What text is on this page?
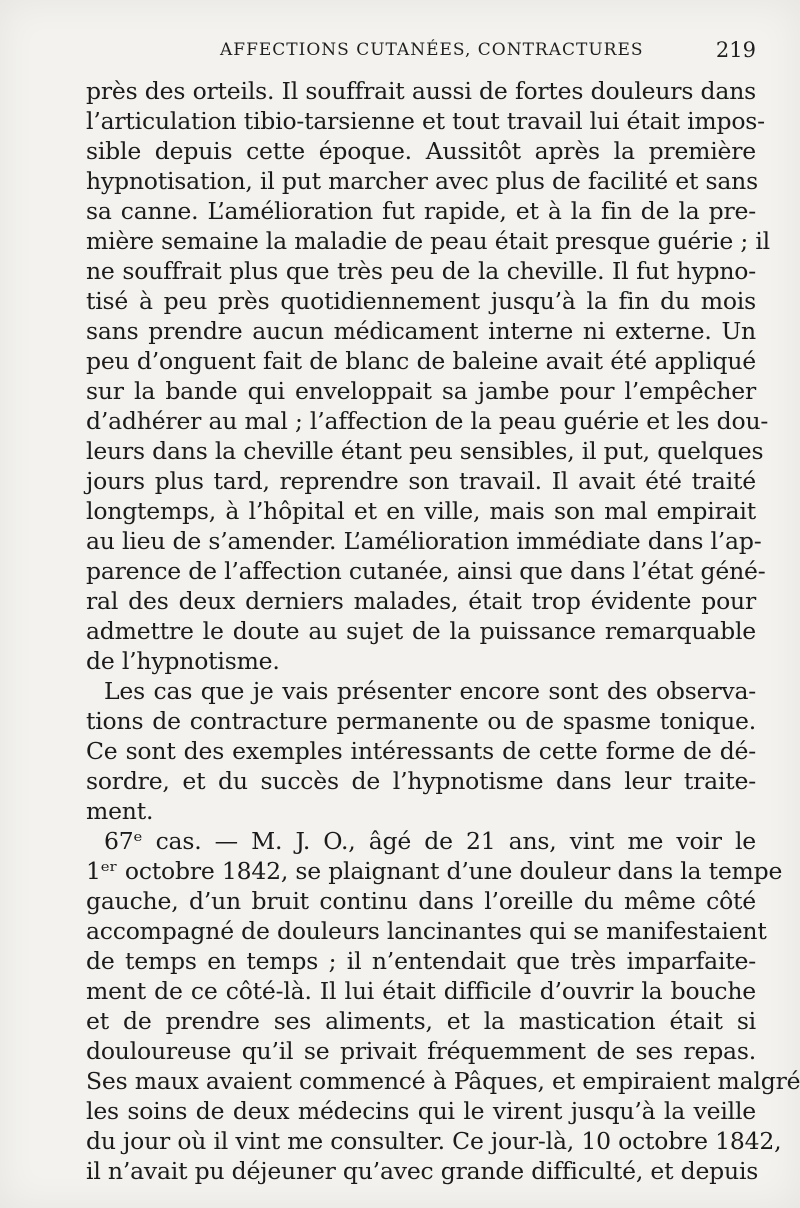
AFFECTIONS CUTANÉES, CONTRACTURES	219
près des orteils. Il souffrait aussi de fortes douleurs dans
l’articulation tibio-tarsienne et tout travail lui était impos-
sible depuis cette époque. Aussitôt après la première
hypnotisation, il put marcher avec plus de facilité et sans
sa canne. L’amélioration fut rapide, et à la fin de la pre-
mière semaine la maladie de peau était presque guérie ; il
ne souffrait plus que très peu de la cheville. Il fut hypno-
tisé à peu près quotidiennement jusqu’à la fin du mois
sans prendre aucun médicament interne ni externe. Un
peu d’onguent fait de blanc de baleine avait été appliqué
sur la bande qui enveloppait sa jambe pour l’empêcher
d’adhérer au mal ; l’affection de la peau guérie et les dou-
leurs dans la cheville étant peu sensibles, il put, quelques
jours plus tard, reprendre son travail. Il avait été traité
longtemps, à l’hôpital et en ville, mais son mal empirait
au lieu de s’amender. L’amélioration immédiate dans l’ap-
parence de l’affection cutanée, ainsi que dans l’état géné-
ral des deux derniers malades, était trop évidente pour
admettre le doute au sujet de la puissance remarquable
de l’hypnotisme.
Les cas que je vais présenter encore sont des observa-
tions de contracture permanente ou de spasme tonique.
Ce sont des exemples intéressants de cette forme de dé-
sordre, et du succès de l’hypnotisme dans leur traite-
ment.
67ᵉ cas. — M. J. O., âgé de 21 ans, vint me voir le
1ᵉʳ octobre 1842, se plaignant d’une douleur dans la tempe
gauche, d’un bruit continu dans l’oreille du même côté
accompagné de douleurs lancinantes qui se manifestaient
de temps en temps ; il n’entendait que très imparfaite-
ment de ce côté-là. Il lui était difficile d’ouvrir la bouche
et de prendre ses aliments, et la mastication était si
douloureuse qu’il se privait fréquemment de ses repas.
Ses maux avaient commencé à Pâques, et empiraient malgré
les soins de deux médecins qui le virent jusqu’à la veille
du jour où il vint me consulter. Ce jour-là, 10 octobre 1842,
il n’avait pu déjeuner qu’avec grande difficulté, et depuis
